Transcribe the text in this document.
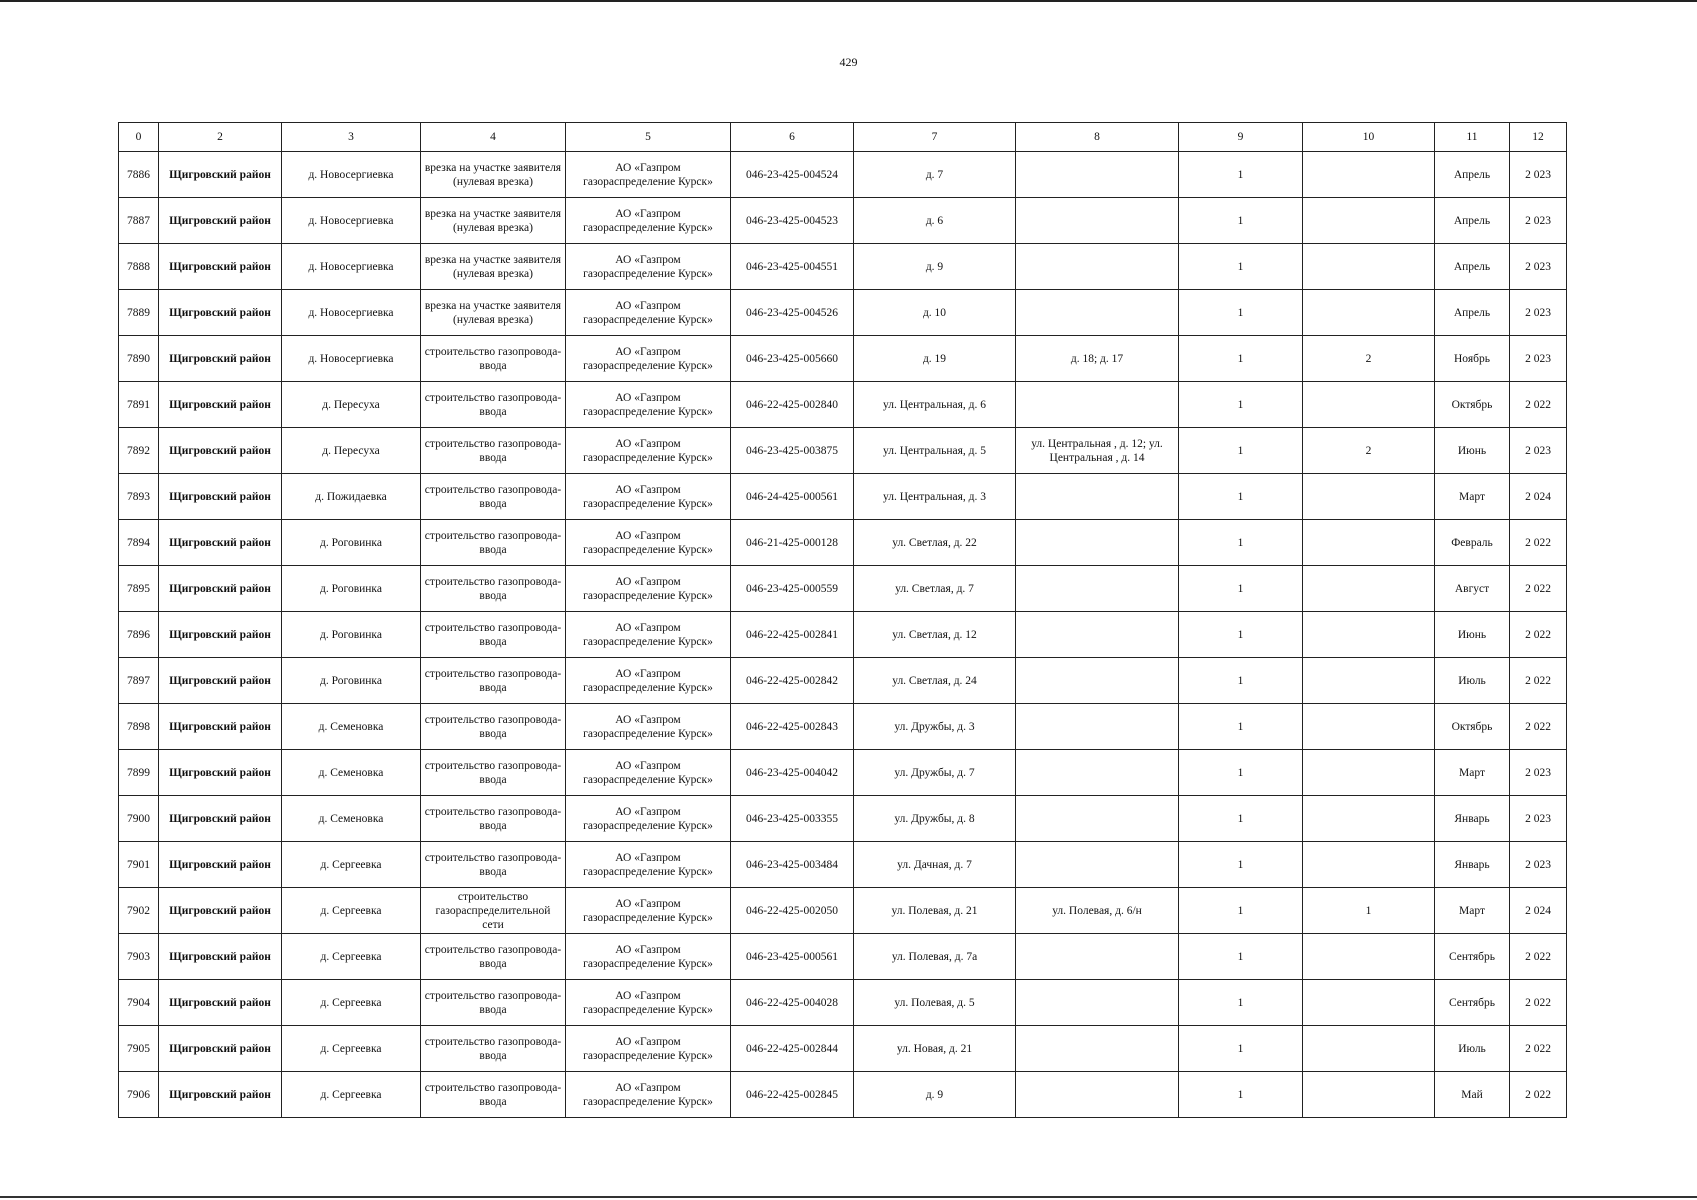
429
0	2	3	4	5	6	7	8	9	10	11	12
7886	Щигровский район	д. Новосергиевка	врезка на участке заявителя (нулевая врезка)	АО «Газпром газораспределение Курск»	046-23-425-004524	д. 7		1		Апрель	2 023
7887	Щигровский район	д. Новосергиевка	врезка на участке заявителя (нулевая врезка)	АО «Газпром газораспределение Курск»	046-23-425-004523	д. 6		1		Апрель	2 023
7888	Щигровский район	д. Новосергиевка	врезка на участке заявителя (нулевая врезка)	АО «Газпром газораспределение Курск»	046-23-425-004551	д. 9		1		Апрель	2 023
7889	Щигровский район	д. Новосергиевка	врезка на участке заявителя (нулевая врезка)	АО «Газпром газораспределение Курск»	046-23-425-004526	д. 10		1		Апрель	2 023
7890	Щигровский район	д. Новосергиевка	строительство газопровода-ввода	АО «Газпром газораспределение Курск»	046-23-425-005660	д. 19	д. 18; д. 17	1	2	Ноябрь	2 023
7891	Щигровский район	д. Пересуха	строительство газопровода-ввода	АО «Газпром газораспределение Курск»	046-22-425-002840	ул. Центральная, д. 6		1		Октябрь	2 022
7892	Щигровский район	д. Пересуха	строительство газопровода-ввода	АО «Газпром газораспределение Курск»	046-23-425-003875	ул. Центральная, д. 5	ул. Центральная , д. 12; ул. Центральная , д. 14	1	2	Июнь	2 023
7893	Щигровский район	д. Пожидаевка	строительство газопровода-ввода	АО «Газпром газораспределение Курск»	046-24-425-000561	ул. Центральная, д. 3		1		Март	2 024
7894	Щигровский район	д. Роговинка	строительство газопровода-ввода	АО «Газпром газораспределение Курск»	046-21-425-000128	ул. Светлая, д. 22		1		Февраль	2 022
7895	Щигровский район	д. Роговинка	строительство газопровода-ввода	АО «Газпром газораспределение Курск»	046-23-425-000559	ул. Светлая, д. 7		1		Август	2 022
7896	Щигровский район	д. Роговинка	строительство газопровода-ввода	АО «Газпром газораспределение Курск»	046-22-425-002841	ул. Светлая, д. 12		1		Июнь	2 022
7897	Щигровский район	д. Роговинка	строительство газопровода-ввода	АО «Газпром газораспределение Курск»	046-22-425-002842	ул. Светлая, д. 24		1		Июль	2 022
7898	Щигровский район	д. Семеновка	строительство газопровода-ввода	АО «Газпром газораспределение Курск»	046-22-425-002843	ул. Дружбы, д. 3		1		Октябрь	2 022
7899	Щигровский район	д. Семеновка	строительство газопровода-ввода	АО «Газпром газораспределение Курск»	046-23-425-004042	ул. Дружбы, д. 7		1		Март	2 023
7900	Щигровский район	д. Семеновка	строительство газопровода-ввода	АО «Газпром газораспределение Курск»	046-23-425-003355	ул. Дружбы, д. 8		1		Январь	2 023
7901	Щигровский район	д. Сергеевка	строительство газопровода-ввода	АО «Газпром газораспределение Курск»	046-23-425-003484	ул. Дачная, д. 7		1		Январь	2 023
7902	Щигровский район	д. Сергеевка	строительство газораспределительной сети	АО «Газпром газораспределение Курск»	046-22-425-002050	ул. Полевая, д. 21	ул. Полевая, д. 6/н	1	1	Март	2 024
7903	Щигровский район	д. Сергеевка	строительство газопровода-ввода	АО «Газпром газораспределение Курск»	046-23-425-000561	ул. Полевая, д. 7а		1		Сентябрь	2 022
7904	Щигровский район	д. Сергеевка	строительство газопровода-ввода	АО «Газпром газораспределение Курск»	046-22-425-004028	ул. Полевая, д. 5		1		Сентябрь	2 022
7905	Щигровский район	д. Сергеевка	строительство газопровода-ввода	АО «Газпром газораспределение Курск»	046-22-425-002844	ул. Новая, д. 21		1		Июль	2 022
7906	Щигровский район	д. Сергеевка	строительство газопровода-ввода	АО «Газпром газораспределение Курск»	046-22-425-002845	д. 9		1		Май	2 022
